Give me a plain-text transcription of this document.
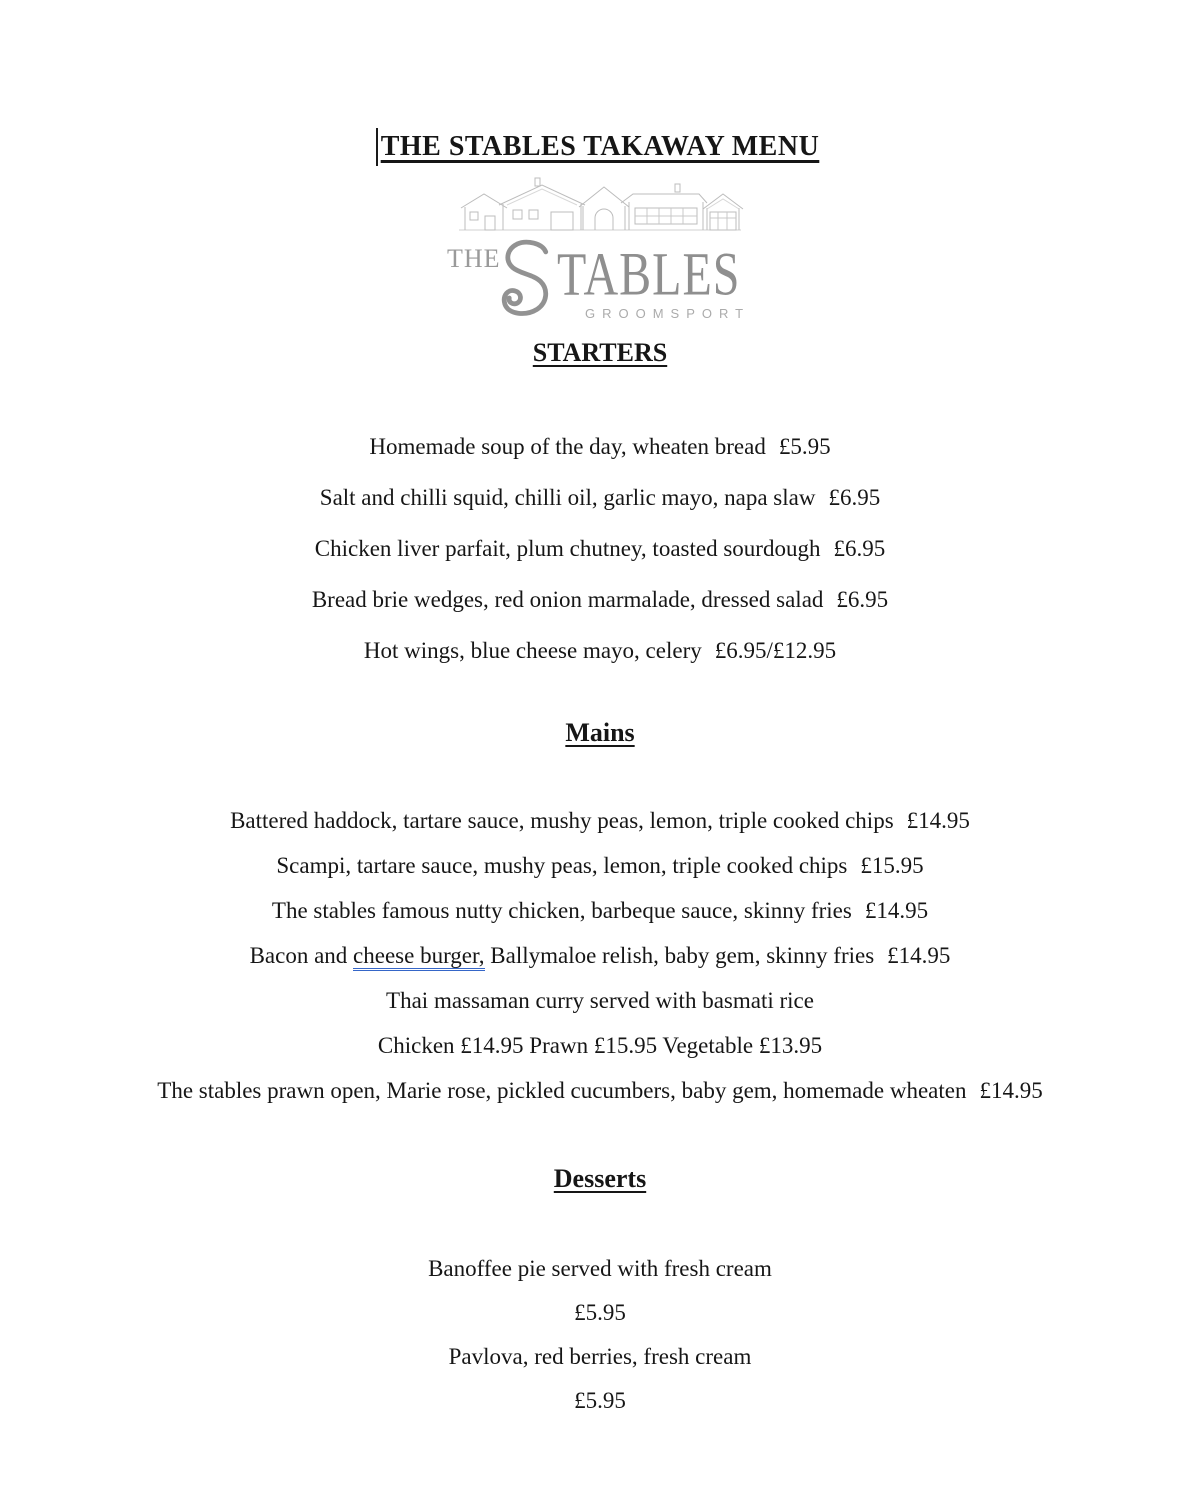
THE STABLES TAKAWAY MENU
THE TABLES
GROOMSPORT
STARTERS

Homemade soup of the day, wheaten bread £5.95

Salt and chilli squid, chilli oil, garlic mayo, napa slaw £6.95

Chicken liver parfait, plum chutney, toasted sourdough £6.95

Bread brie wedges, red onion marmalade, dressed salad £6.95

Hot wings, blue cheese mayo, celery £6.95/£12.95

Mains

Battered haddock, tartare sauce, mushy peas, lemon, triple cooked chips £14.95

Scampi, tartare sauce, mushy peas, lemon, triple cooked chips £15.95

The stables famous nutty chicken, barbeque sauce, skinny fries £14.95

Bacon and cheese burger, Ballymaloe relish, baby gem, skinny fries £14.95

Thai massaman curry served with basmati rice

Chicken £14.95 Prawn £15.95 Vegetable £13.95

The stables prawn open, Marie rose, pickled cucumbers, baby gem, homemade wheaten £14.95

Desserts

Banoffee pie served with fresh cream

£5.95

Pavlova, red berries, fresh cream

£5.95
